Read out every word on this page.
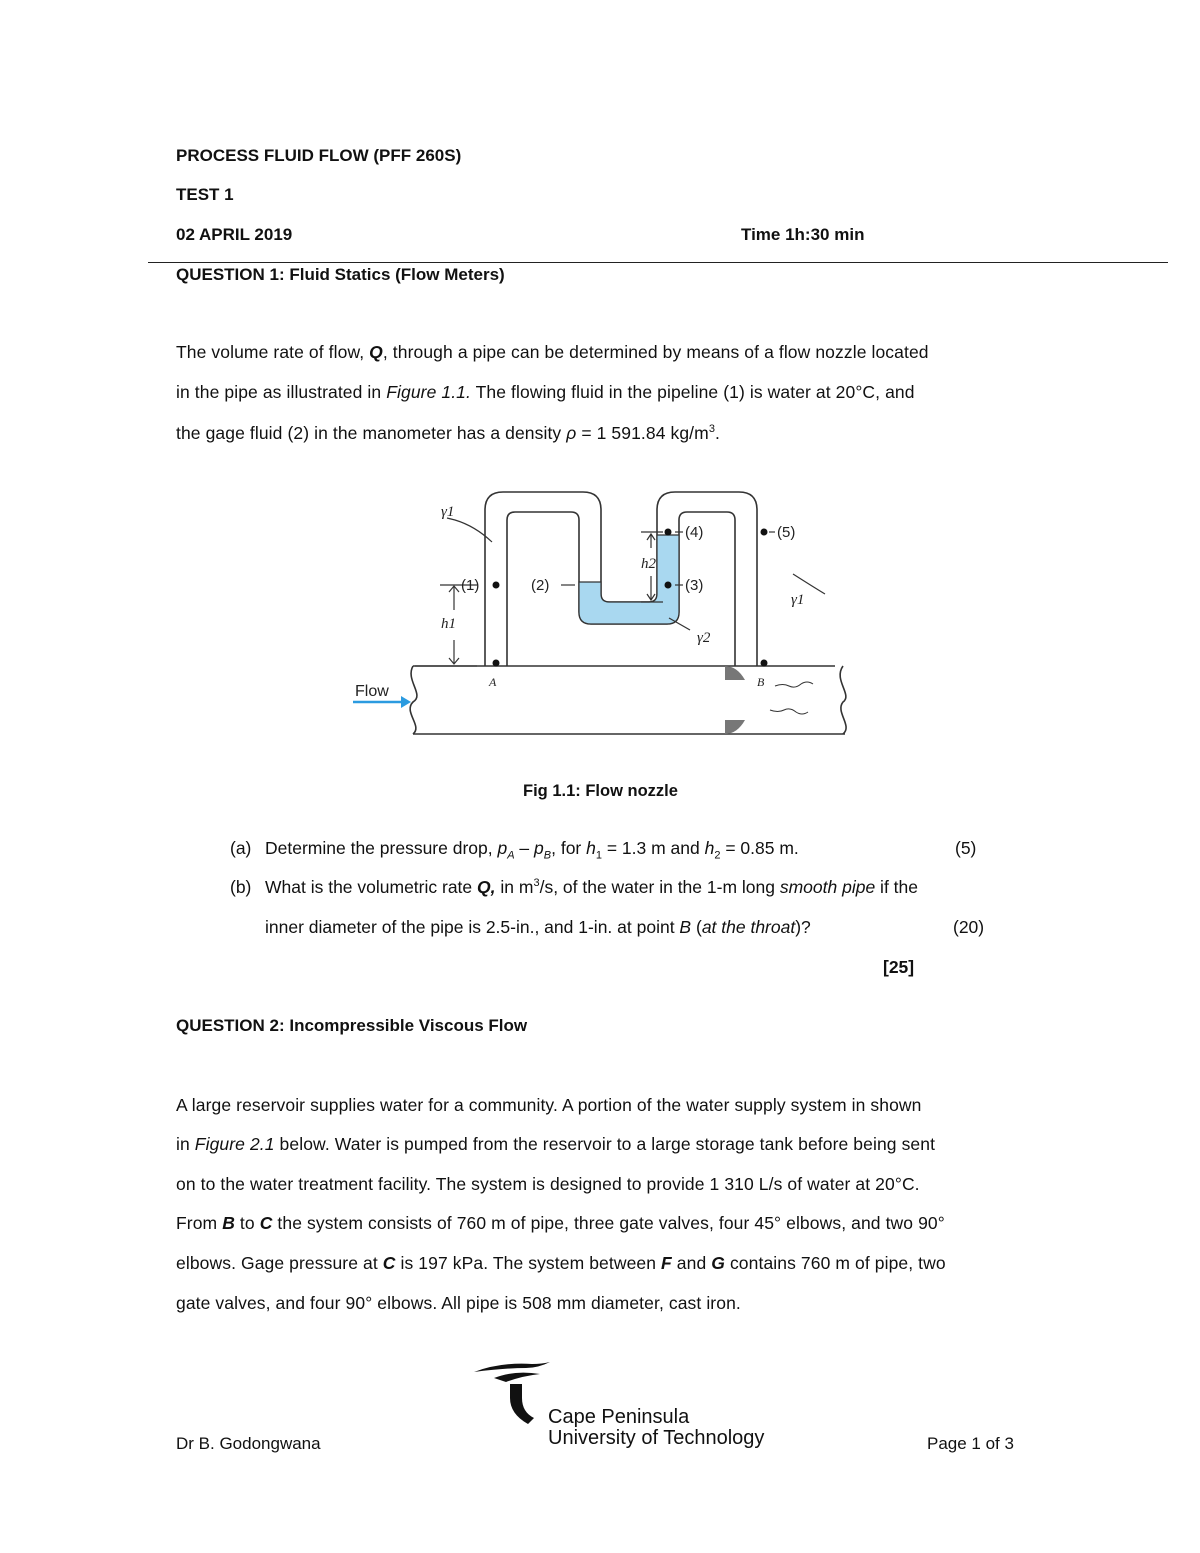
PROCESS FLUID FLOW (PFF 260S)
TEST 1
02 APRIL 2019	Time 1h:30 min
QUESTION 1: Fluid Statics (Flow Meters)
The volume rate of flow, Q, through a pipe can be determined by means of a flow nozzle located
in the pipe as illustrated in Figure 1.1. The flowing fluid in the pipeline (1) is water at 20°C, and
the gage fluid (2) in the manometer has a density ρ = 1 591.84 $kg/m^3$.
γ1
γ1
γ2
h1
h2
A	B
(1)	(2)	(3)
(4)	(5)
Flow
Fig 1.1: Flow nozzle
(a) Determine the pressure drop, $p_A - p_B$, for $h_1 = 1.3$ m and $h_2 = 0.85$ m.	(5)
(b) What is the volumetric rate Q, in $m^3/s$, of the water in the 1-m long smooth pipe if the
inner diameter of the pipe is 2.5-in., and 1-in. at point B (at the throat)?	(20)
[25]
QUESTION 2: Incompressible Viscous Flow
A large reservoir supplies water for a community. A portion of the water supply system in shown
in Figure 2.1 below. Water is pumped from the reservoir to a large storage tank before being sent
on to the water treatment facility. The system is designed to provide 1 310 L/s of water at 20°C.
From B to C the system consists of 760 m of pipe, three gate valves, four 45° elbows, and two 90°
elbows. Gage pressure at C is 197 kPa. The system between F and G contains 760 m of pipe, two
gate valves, and four 90° elbows. All pipe is 508 mm diameter, cast iron.
Dr B. Godongwana
Cape Peninsula
University of Technology	Page 1 of 3
